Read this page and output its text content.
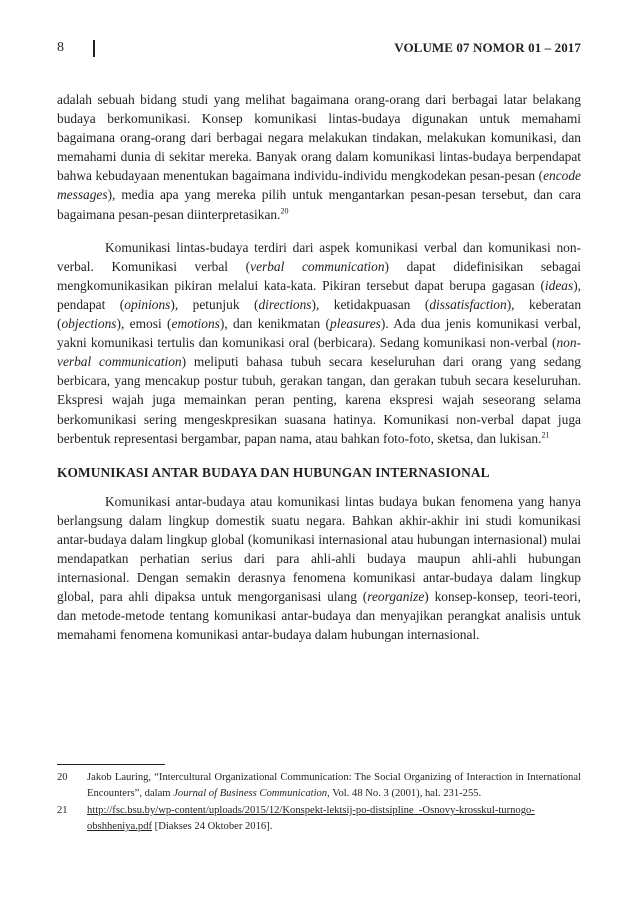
8	VOLUME 07 NOMOR 01 – 2017

adalah sebuah bidang studi yang melihat bagaimana orang-orang dari berbagai latar belakang budaya berkomunikasi. Konsep komunikasi lintas-budaya digunakan untuk memahami bagaimana orang-orang dari berbagai negara melakukan tindakan, melakukan komunikasi, dan memahami dunia di sekitar mereka. Banyak orang dalam komunikasi lintas-budaya berpendapat bahwa kebudayaan menentukan bagaimana individu-individu mengkodekan pesan-pesan (encode messages), media apa yang mereka pilih untuk mengantarkan pesan-pesan tersebut, dan cara bagaimana pesan-pesan diinterpretasikan.$^{20}$

Komunikasi lintas-budaya terdiri dari aspek komunikasi verbal dan komunikasi non-verbal. Komunikasi verbal (verbal communication) dapat didefinisikan sebagai mengkomunikasikan pikiran melalui kata-kata. Pikiran tersebut dapat berupa gagasan (ideas), pendapat (opinions), petunjuk (directions), ketidakpuasan (dissatisfaction), keberatan (objections), emosi (emotions), dan kenikmatan (pleasures). Ada dua jenis komunikasi verbal, yakni komunikasi tertulis dan komunikasi oral (berbicara). Sedang komunikasi non-verbal (non-verbal communication) meliputi bahasa tubuh secara keseluruhan dari orang yang sedang berbicara, yang mencakup postur tubuh, gerakan tangan, dan gerakan tubuh secara keseluruhan. Ekspresi wajah juga memainkan peran penting, karena ekspresi wajah seseorang selama berkomunikasi sering mengeskpresikan suasana hatinya. Komunikasi non-verbal dapat juga berbentuk representasi bergambar, papan nama, atau bahkan foto-foto, sketsa, dan lukisan.$^{21}$

KOMUNIKASI ANTAR BUDAYA DAN HUBUNGAN INTERNASIONAL

Komunikasi antar-budaya atau komunikasi lintas budaya bukan fenomena yang hanya berlangsung dalam lingkup domestik suatu negara. Bahkan akhir-akhir ini studi komunikasi antar-budaya dalam lingkup global (komunikasi internasional atau hubungan internasional) mulai mendapatkan perhatian serius dari para ahli-ahli budaya maupun ahli-ahli hubungan internasional. Dengan semakin derasnya fenomena komunikasi antar-budaya dalam lingkup global, para ahli dipaksa untuk mengorganisasi ulang (reorganize) konsep-konsep, teori-teori, dan metode-metode tentang komunikasi antar-budaya dan menyajikan perangkat analisis untuk memahami fenomena komunikasi antar-budaya dalam hubungan internasional.

20 Jakob Lauring, “Intercultural Organizational Communication: The Social Organizing of Interaction in International Encounters”, dalam Journal of Business Communication, Vol. 48 No. 3 (2001), hal. 231-255.
21 http://fsc.bsu.by/wp-content/uploads/2015/12/Konspekt-lektsij-po-distsipline_-Osnovy-krosskul-turnogo-obshheniya.pdf [Diakses 24 Oktober 2016].
